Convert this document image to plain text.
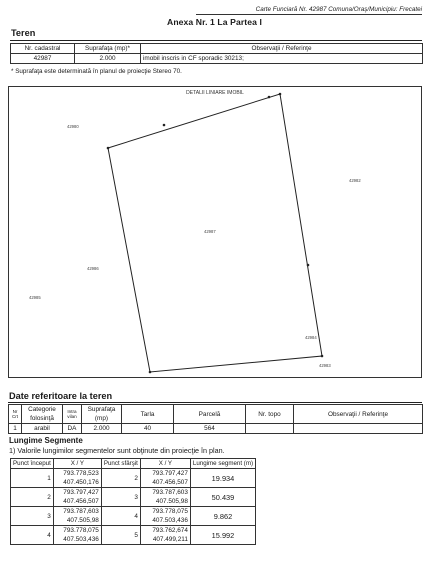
Carte Funciară Nr. 42987 Comuna/Oraş/Municipiu: Frecatei
Anexa Nr. 1 La Partea I
Teren
Nr. cadastral	Suprafaţa (mp)*	Observaţii / Referinţe
42987	2.000	imobil inscris in CF sporadic 30213;
* Suprafaţa este determinată în planul de proiecţie Stereo 70.
DETALII LINIARE IMOBIL
42980
42986
42987
42985
42984
42983
42982
Date referitoare la teren
Nr Crt	Categorie folosinţă	Intra vilan	Suprafaţa (mp)	Tarla	Parcelă	Nr. topo	Observaţii / Referinţe
1	arabil	DA	2.000	40	564		
Lungime Segmente
1) Valorile lungimilor segmentelor sunt obţinute din proiecţie în plan.
Punct început	X / Y	Punct sfârşit	X / Y	Lungime segment (m)
1	793.778,523
407.450,176	2	793.797,427
407.456,507	19.934
2	793.797,427
407.456,507	3	793.787,603
407.505,98	50.439
3	793.787,603
407.505,98	4	793.778,075
407.503,436	9.862
4	793.778,075
407.503,436	5	793.762,674
407.499,211	15.992
